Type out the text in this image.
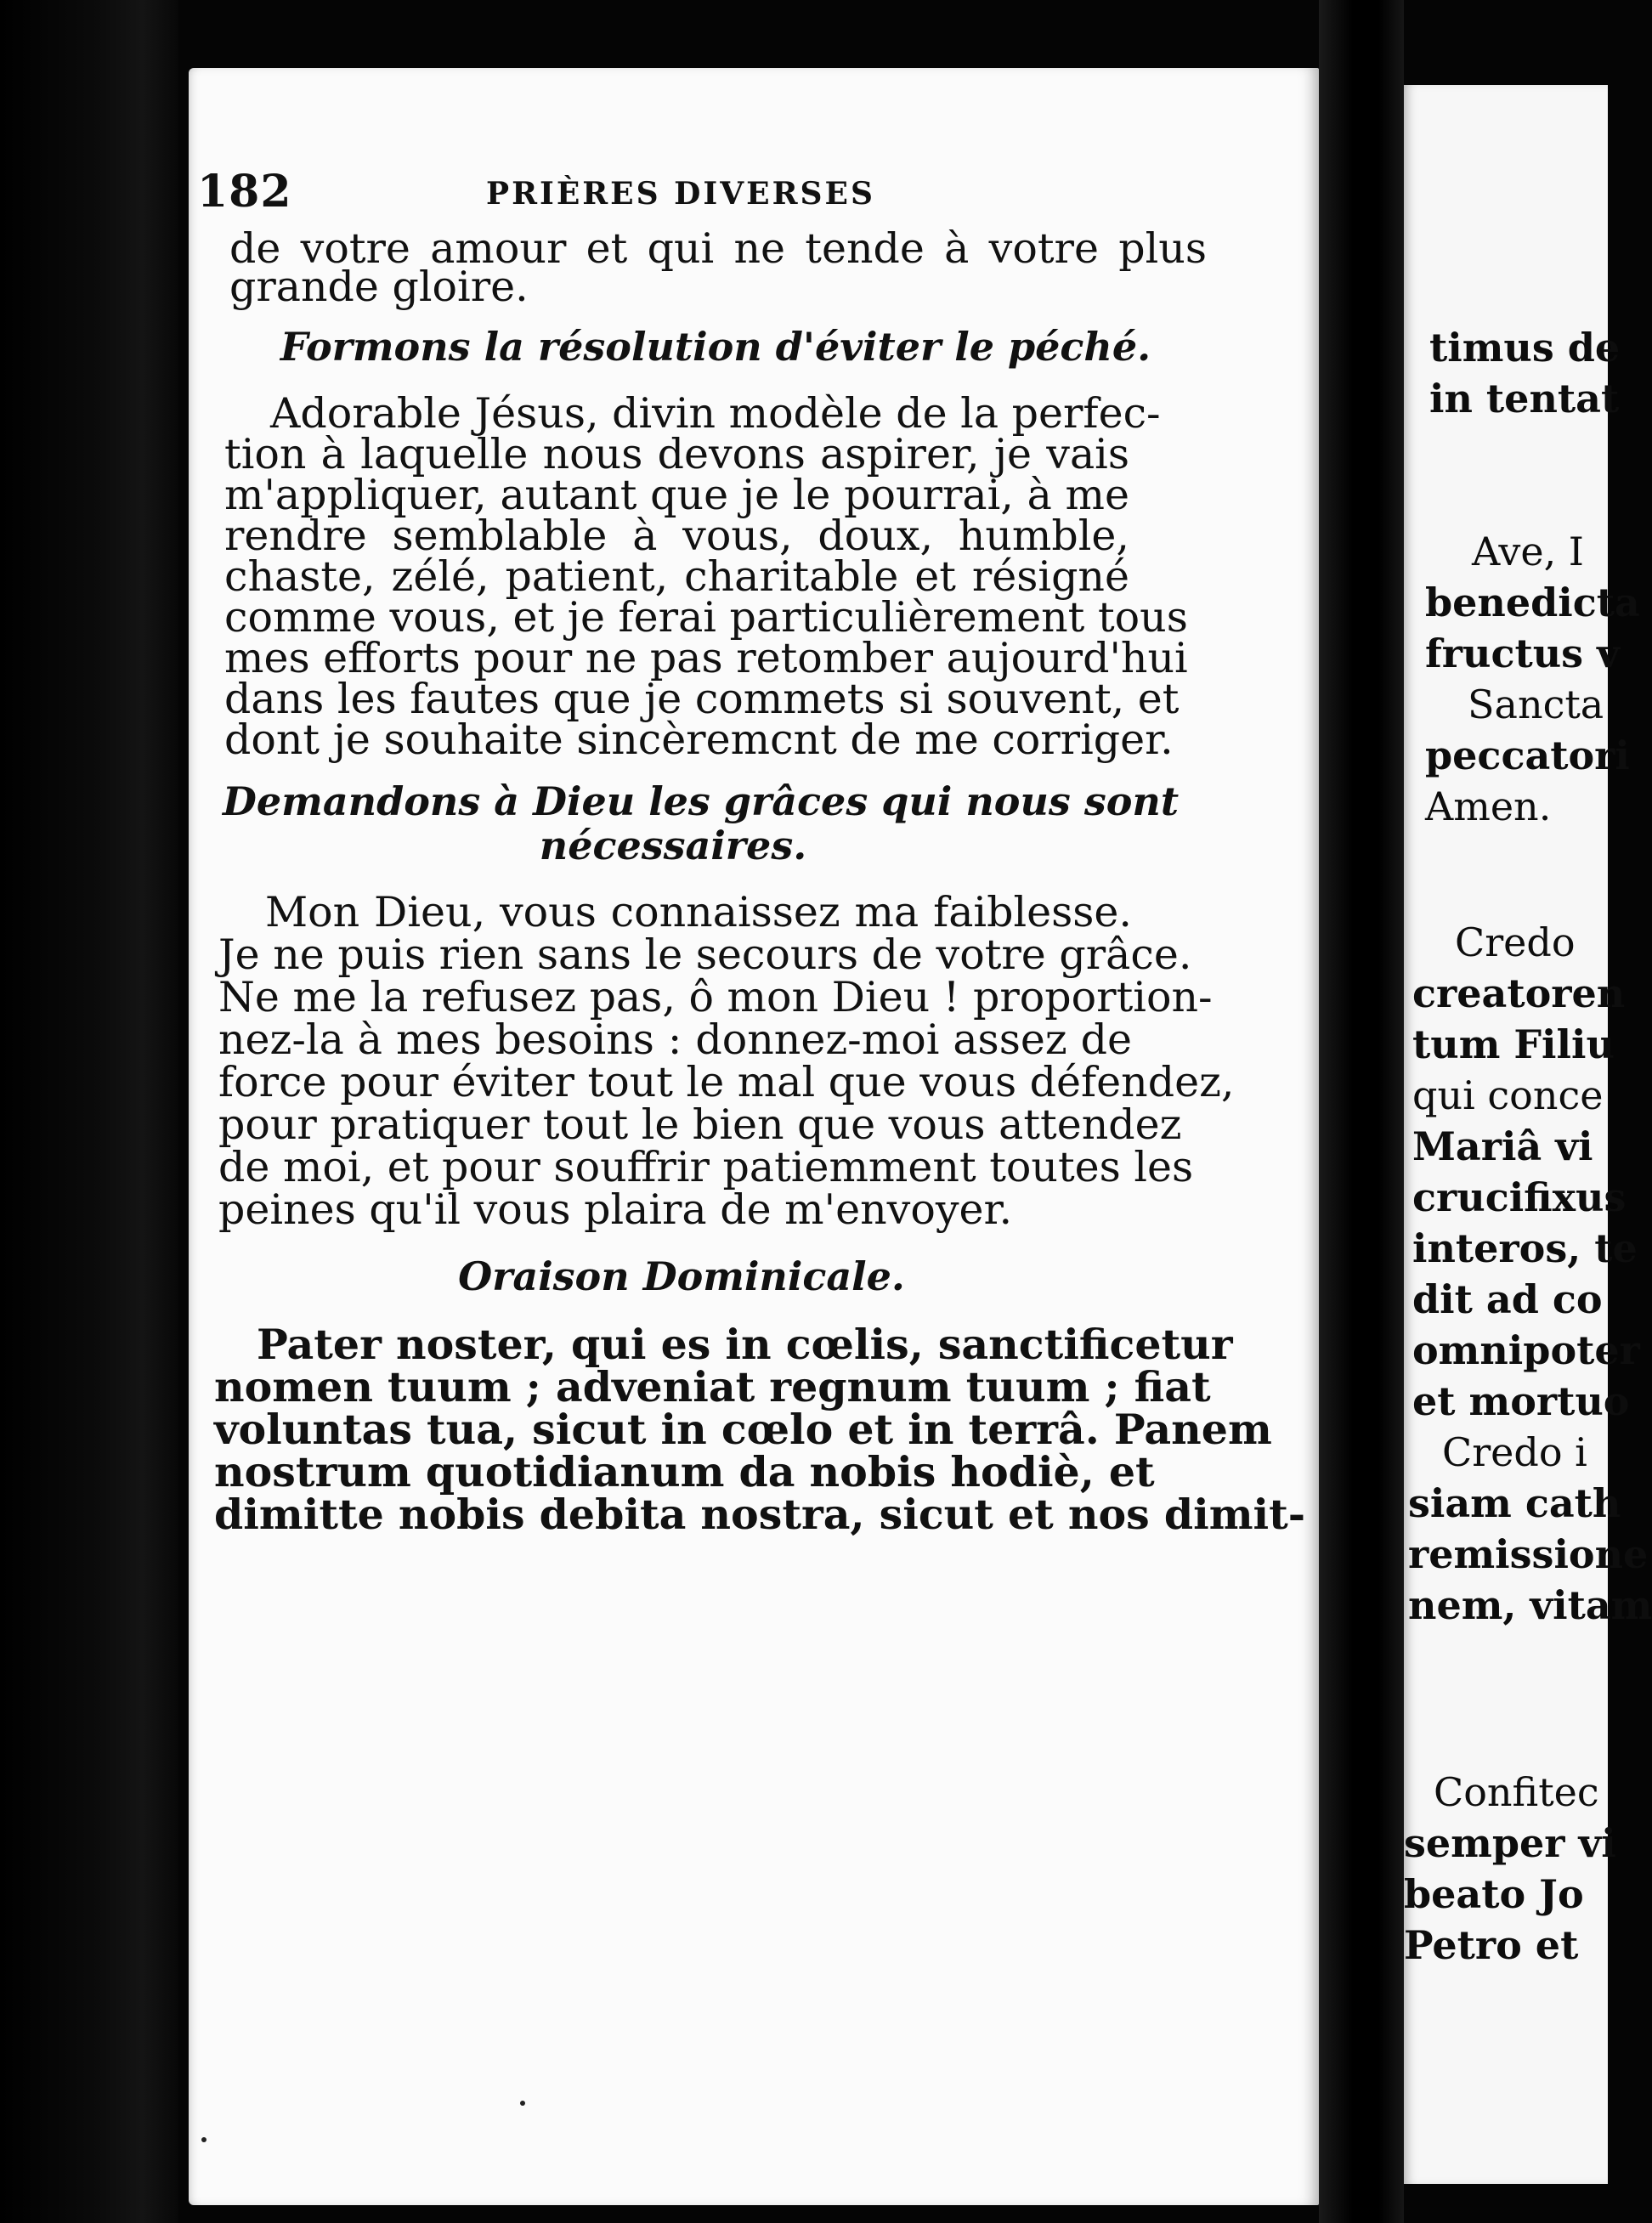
182	PRIÈRES DIVERSES
de votre amour et qui ne tende à votre plus
grande gloire.
Formons la résolution d'éviter le péché.
Adorable Jésus, divin modèle de la perfec-
tion à laquelle nous devons aspirer, je vais
m'appliquer, autant que je le pourrai, à me
rendre semblable à vous, doux, humble,
chaste, zélé, patient, charitable et résigné
comme vous, et je ferai particulièrement tous
mes efforts pour ne pas retomber aujourd'hui
dans les fautes que je commets si souvent, et
dont je souhaite sincèremcnt de me corriger.
Demandons à Dieu les grâces qui nous sont
nécessaires.
Mon Dieu, vous connaissez ma faiblesse.
Je ne puis rien sans le secours de votre grâce.
Ne me la refusez pas, ô mon Dieu ! proportion-
nez-la à mes besoins : donnez-moi assez de
force pour éviter tout le mal que vous défendez,
pour pratiquer tout le bien que vous attendez
de moi, et pour souffrir patiemment toutes les
peines qu'il vous plaira de m'envoyer.
Oraison Dominicale.
Pater noster, qui es in cœlis, sanctificetur
nomen tuum ; adveniat regnum tuum ; fiat
voluntas tua, sicut in cœlo et in terrâ. Panem
nostrum quotidianum da nobis hodiè, et
dimitte nobis debita nostra, sicut et nos dimit-
timus de
in tentat
Ave, I
benedicta
fructus v
Sancta
peccatori
Amen.
Credo
creatoren
tum Filiu
qui conce
Mariâ vi
crucifixus
interos, te
dit ad co
omnipoter
et mortuo
Credo i
siam cath
remissione
nem, vitam
Confitec
semper vi
beato Jo
Petro et
